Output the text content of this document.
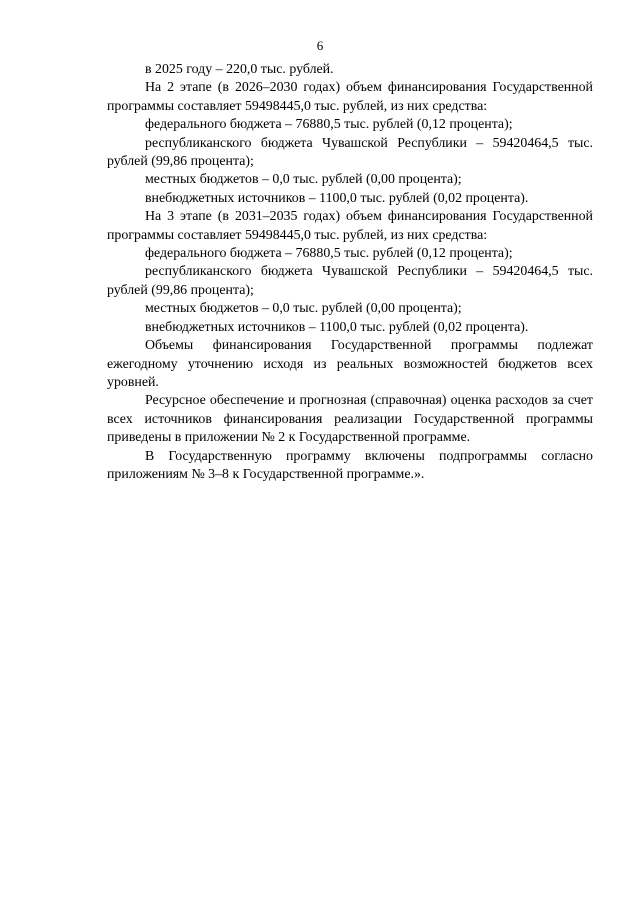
6

в 2025 году – 220,0 тыс. рублей.

На 2 этапе (в 2026–2030 годах) объем финансирования Государственной программы составляет 59498445,0 тыс. рублей, из них средства:

федерального бюджета – 76880,5 тыс. рублей (0,12 процента);

республиканского бюджета Чувашской Республики – 59420464,5 тыс. рублей (99,86 процента);

местных бюджетов – 0,0 тыс. рублей (0,00 процента);

внебюджетных источников – 1100,0 тыс. рублей (0,02 процента).

На 3 этапе (в 2031–2035 годах) объем финансирования Государственной программы составляет 59498445,0 тыс. рублей, из них средства:

федерального бюджета – 76880,5 тыс. рублей (0,12 процента);

республиканского бюджета Чувашской Республики – 59420464,5 тыс. рублей (99,86 процента);

местных бюджетов – 0,0 тыс. рублей (0,00 процента);

внебюджетных источников – 1100,0 тыс. рублей (0,02 процента).

Объемы финансирования Государственной программы подлежат ежегодному уточнению исходя из реальных возможностей бюджетов всех уровней.

Ресурсное обеспечение и прогнозная (справочная) оценка расходов за счет всех источников финансирования реализации Государственной программы приведены в приложении № 2 к Государственной программе.

В Государственную программу включены подпрограммы согласно приложениям № 3–8 к Государственной программе.».
